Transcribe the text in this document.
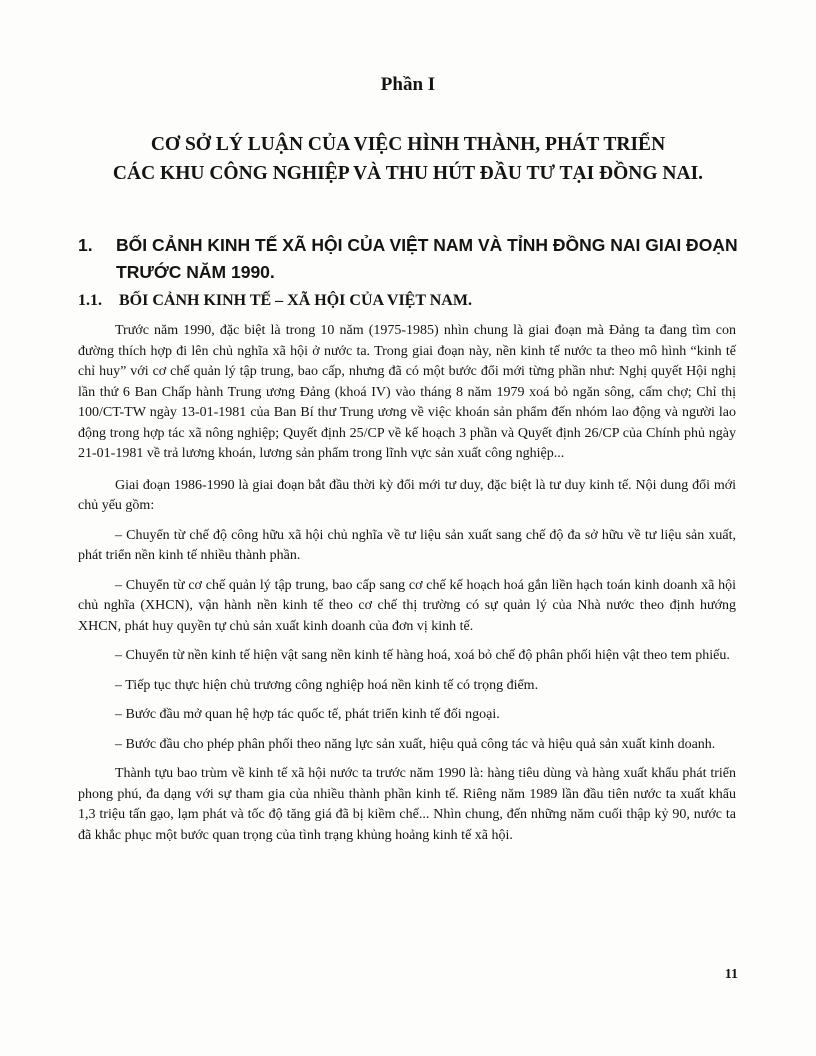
Phần I
CƠ SỞ LÝ LUẬN CỦA VIỆC HÌNH THÀNH, PHÁT TRIỂN
CÁC KHU CÔNG NGHIỆP VÀ THU HÚT ĐẦU TƯ TẠI ĐỒNG NAI.
1.	BỐI CẢNH KINH TẾ XÃ HỘI CỦA VIỆT NAM VÀ TỈNH ĐỒNG NAI GIAI ĐOẠN TRƯỚC NĂM 1990.
1.1.	BỐI CẢNH KINH TẾ – XÃ HỘI CỦA VIỆT NAM.

Trước năm 1990, đặc biệt là trong 10 năm (1975-1985) nhìn chung là giai đoạn mà Đảng ta đang tìm con đường thích hợp đi lên chủ nghĩa xã hội ở nước ta. Trong giai đoạn này, nền kinh tế nước ta theo mô hình “kinh tế chỉ huy” với cơ chế quản lý tập trung, bao cấp, nhưng đã có một bước đổi mới từng phần như: Nghị quyết Hội nghị lần thứ 6 Ban Chấp hành Trung ương Đảng (khoá IV) vào tháng 8 năm 1979 xoá bỏ ngăn sông, cấm chợ; Chỉ thị 100/CT-TW ngày 13-01-1981 của Ban Bí thư Trung ương về việc khoán sản phẩm đến nhóm lao động và người lao động trong hợp tác xã nông nghiệp; Quyết định 25/CP về kế hoạch 3 phần và Quyết định 26/CP của Chính phủ ngày 21-01-1981 về trả lương khoán, lương sản phẩm trong lĩnh vực sản xuất công nghiệp...

Giai đoạn 1986-1990 là giai đoạn bắt đầu thời kỳ đổi mới tư duy, đặc biệt là tư duy kinh tế. Nội dung đổi mới chủ yếu gồm:

– Chuyển từ chế độ công hữu xã hội chủ nghĩa về tư liệu sản xuất sang chế độ đa sở hữu về tư liệu sản xuất, phát triển nền kinh tế nhiều thành phần.

– Chuyển từ cơ chế quản lý tập trung, bao cấp sang cơ chế kế hoạch hoá gắn liền hạch toán kinh doanh xã hội chủ nghĩa (XHCN), vận hành nền kinh tế theo cơ chế thị trường có sự quản lý của Nhà nước theo định hướng XHCN, phát huy quyền tự chủ sản xuất kinh doanh của đơn vị kinh tế.

– Chuyển từ nền kinh tế hiện vật sang nền kinh tế hàng hoá, xoá bỏ chế độ phân phối hiện vật theo tem phiếu.

– Tiếp tục thực hiện chủ trương công nghiệp hoá nền kinh tế có trọng điểm.

– Bước đầu mở quan hệ hợp tác quốc tế, phát triển kinh tế đối ngoại.

– Bước đầu cho phép phân phối theo năng lực sản xuất, hiệu quả công tác và hiệu quả sản xuất kinh doanh.

Thành tựu bao trùm về kinh tế xã hội nước ta trước năm 1990 là: hàng tiêu dùng và hàng xuất khẩu phát triển phong phú, đa dạng với sự tham gia của nhiều thành phần kinh tế. Riêng năm 1989 lần đầu tiên nước ta xuất khẩu 1,3 triệu tấn gạo, lạm phát và tốc độ tăng giá đã bị kiềm chế... Nhìn chung, đến những năm cuối thập kỷ 90, nước ta đã khắc phục một bước quan trọng của tình trạng khủng hoảng kinh tế xã hội.

11
